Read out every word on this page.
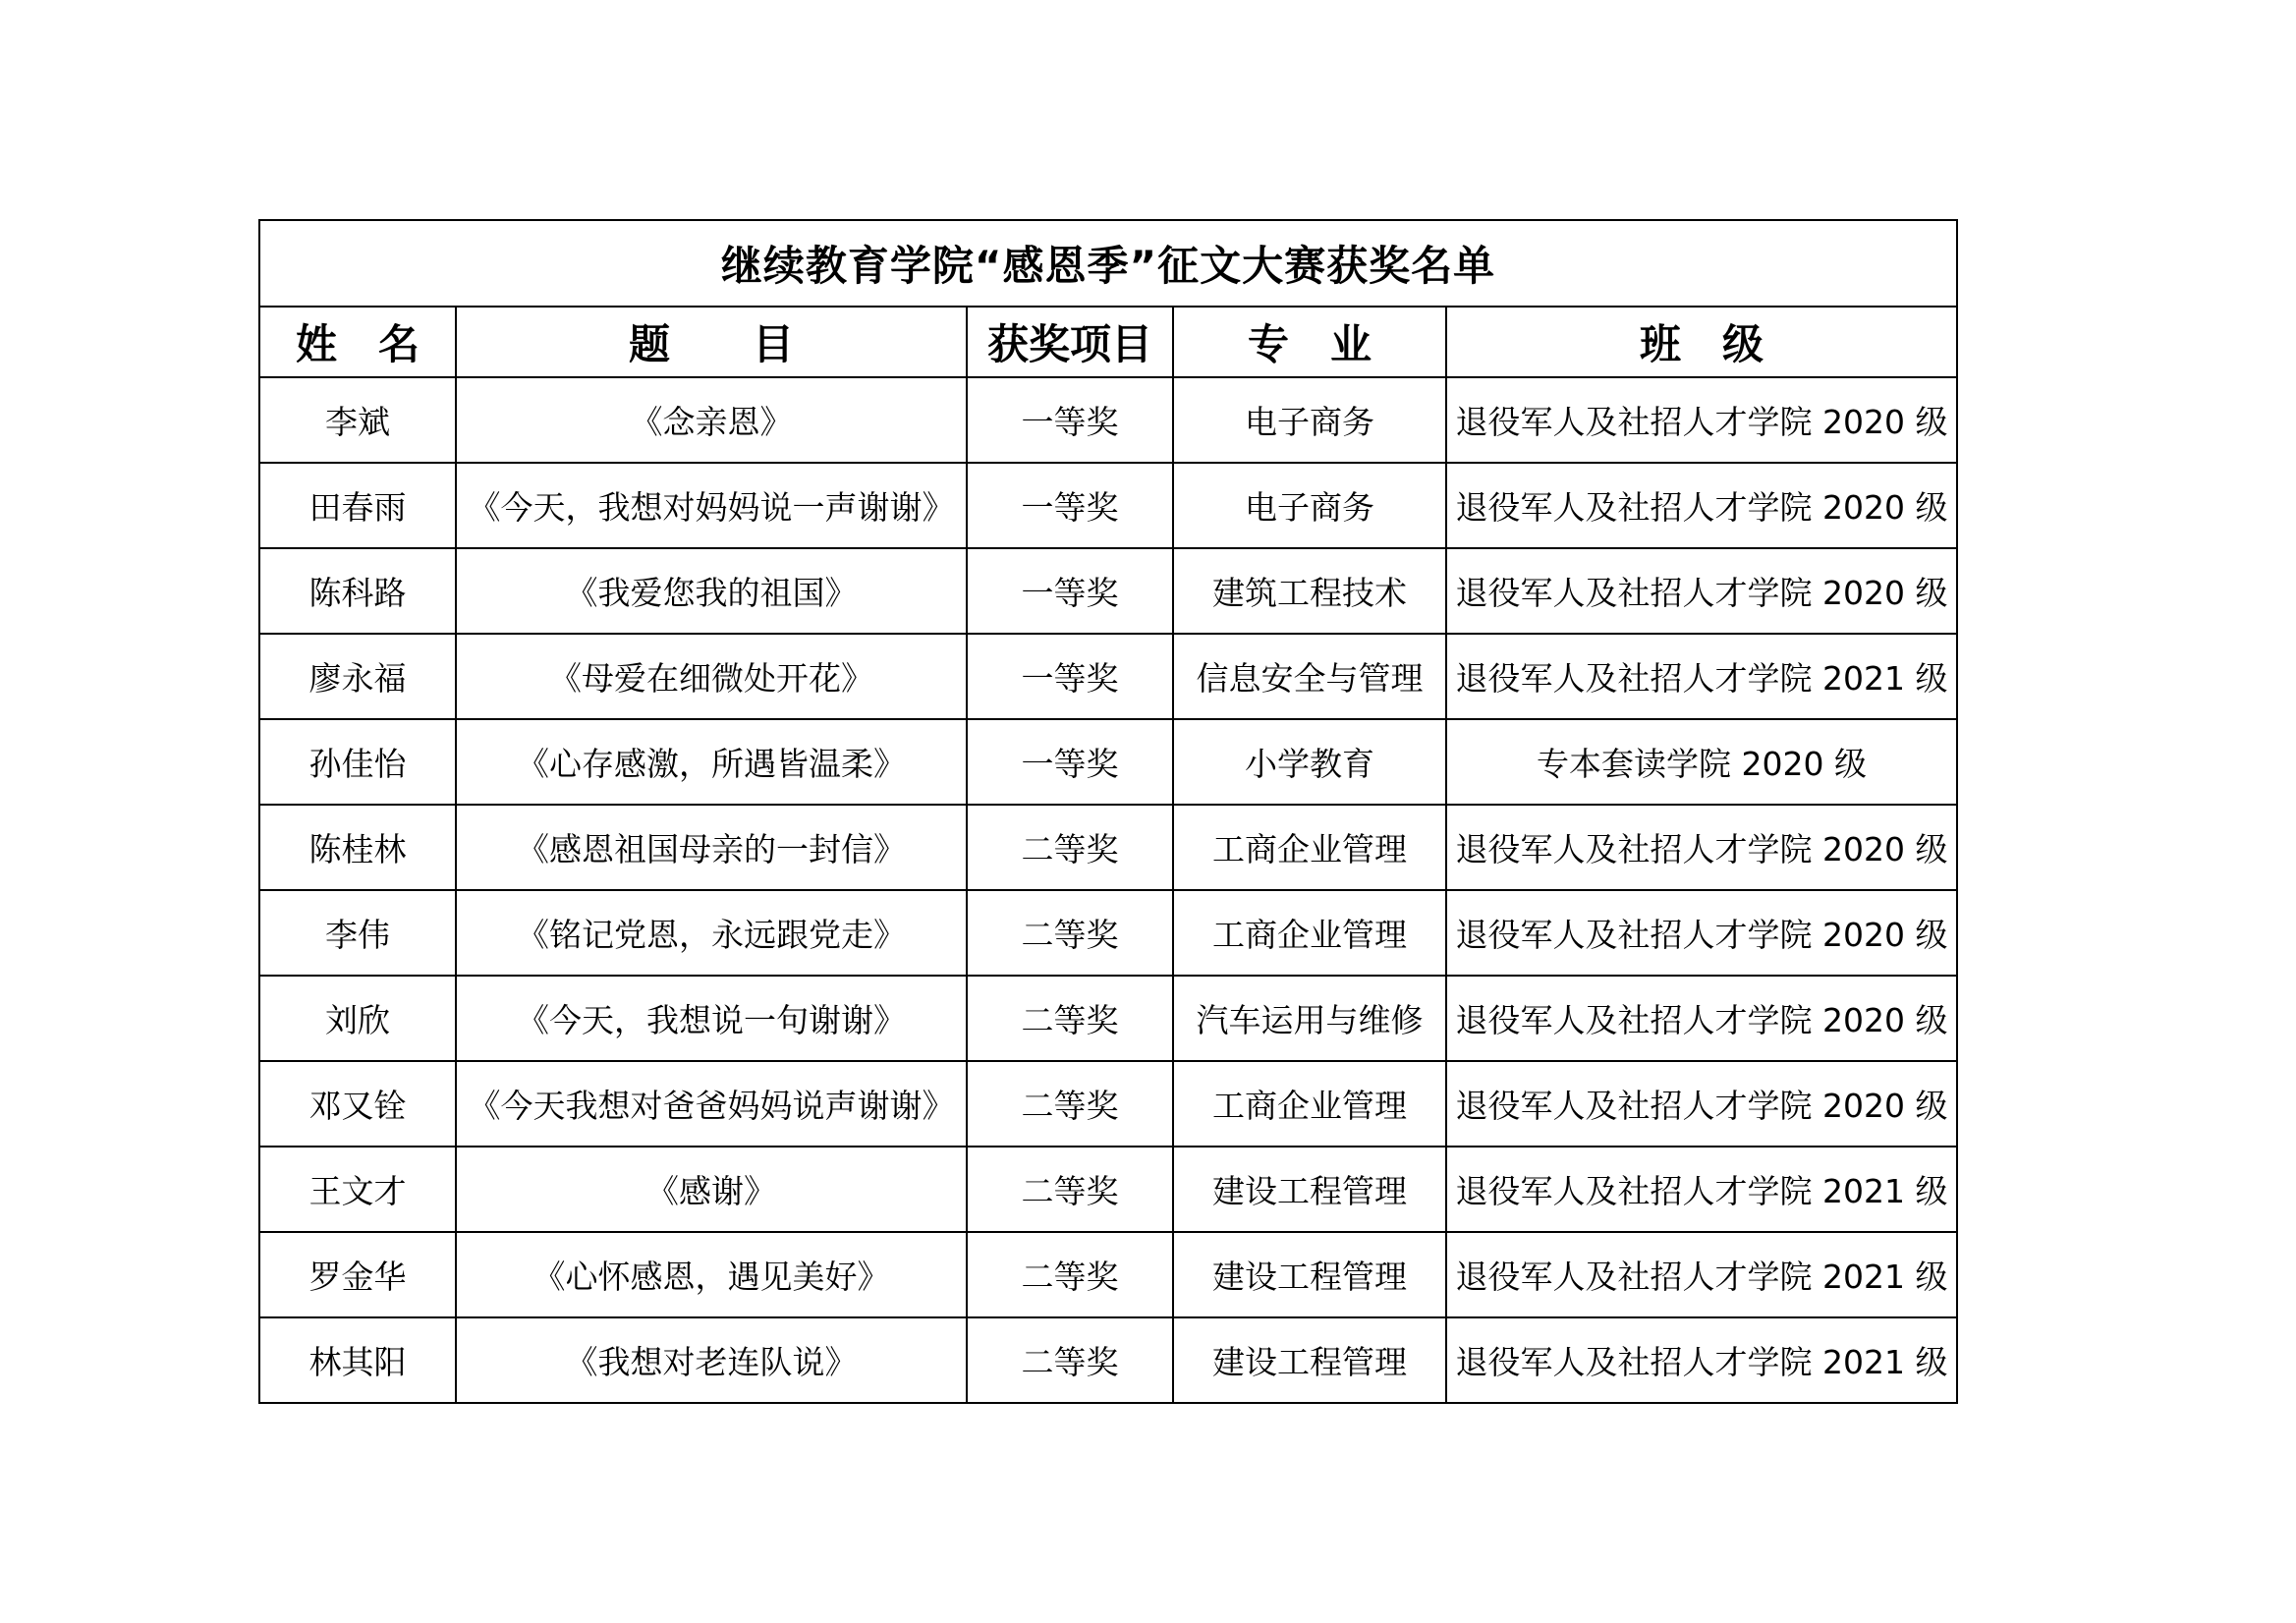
继续教育学院“感恩季”征文大赛获奖名单				
姓　名	题　　目	获奖项目	专　业	班　级
李斌	《念亲恩》	一等奖	电子商务	退役军人及社招人才学院 2020 级
田春雨	《今天，我想对妈妈说一声谢谢》	一等奖	电子商务	退役军人及社招人才学院 2020 级
陈科路	《我爱您我的祖国》	一等奖	建筑工程技术	退役军人及社招人才学院 2020 级
廖永福	《母爱在细微处开花》	一等奖	信息安全与管理	退役军人及社招人才学院 2021 级
孙佳怡	《心存感激，所遇皆温柔》	一等奖	小学教育	专本套读学院 2020 级
陈桂林	《感恩祖国母亲的一封信》	二等奖	工商企业管理	退役军人及社招人才学院 2020 级
李伟	《铭记党恩，永远跟党走》	二等奖	工商企业管理	退役军人及社招人才学院 2020 级
刘欣	《今天，我想说一句谢谢》	二等奖	汽车运用与维修	退役军人及社招人才学院 2020 级
邓又铨	《今天我想对爸爸妈妈说声谢谢》	二等奖	工商企业管理	退役军人及社招人才学院 2020 级
王文才	《感谢》	二等奖	建设工程管理	退役军人及社招人才学院 2021 级
罗金华	《心怀感恩，遇见美好》	二等奖	建设工程管理	退役军人及社招人才学院 2021 级
林其阳	《我想对老连队说》	二等奖	建设工程管理	退役军人及社招人才学院 2021 级
